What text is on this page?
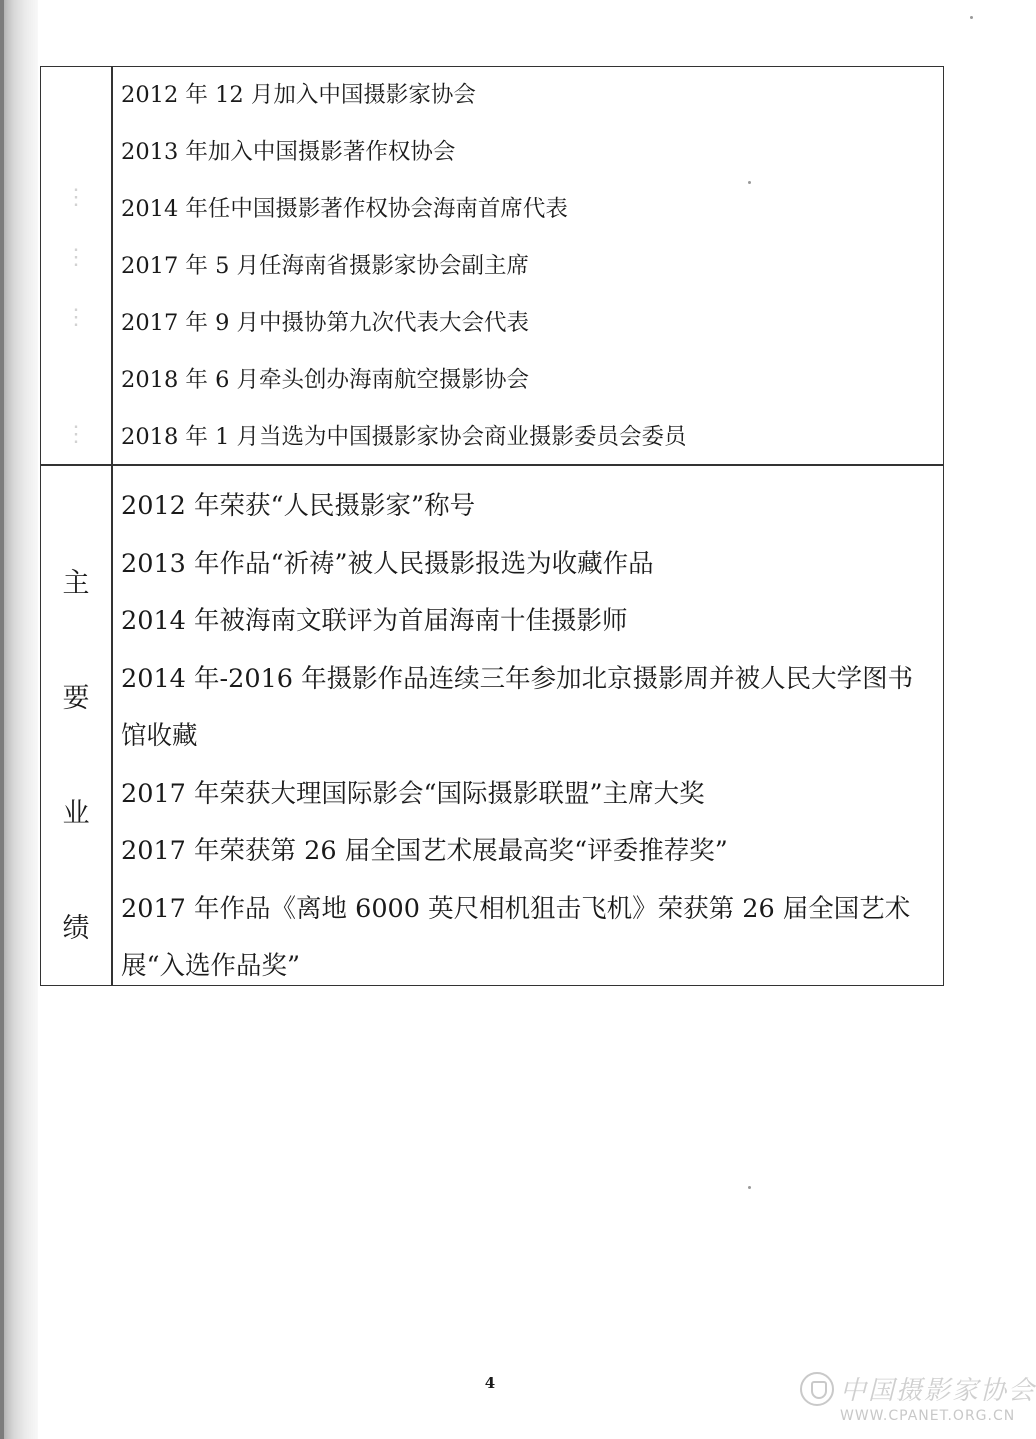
⋮
⋮
⋮
⋮
2012 年 12 月加入中国摄影家协会
2013 年加入中国摄影著作权协会
2014 年任中国摄影著作权协会海南首席代表
2017 年 5 月任海南省摄影家协会副主席
2017 年 9 月中摄协第九次代表大会代表
2018 年 6 月牵头创办海南航空摄影协会
2018 年 1 月当选为中国摄影家协会商业摄影委员会委员
主
要
业
绩
2012 年荣获“人民摄影家”称号
2013 年作品“祈祷”被人民摄影报选为收藏作品
2014 年被海南文联评为首届海南十佳摄影师
2014 年-2016 年摄影作品连续三年参加北京摄影周并被人民大学图书馆收藏
2017 年荣获大理国际影会“国际摄影联盟”主席大奖
2017 年荣获第 26 届全国艺术展最高奖“评委推荐奖”
2017 年作品《离地 6000 英尺相机狙击飞机》荣获第 26 届全国艺术展“入选作品奖”
4	中国摄影家协会
WWW.CPANET.ORG.CN
